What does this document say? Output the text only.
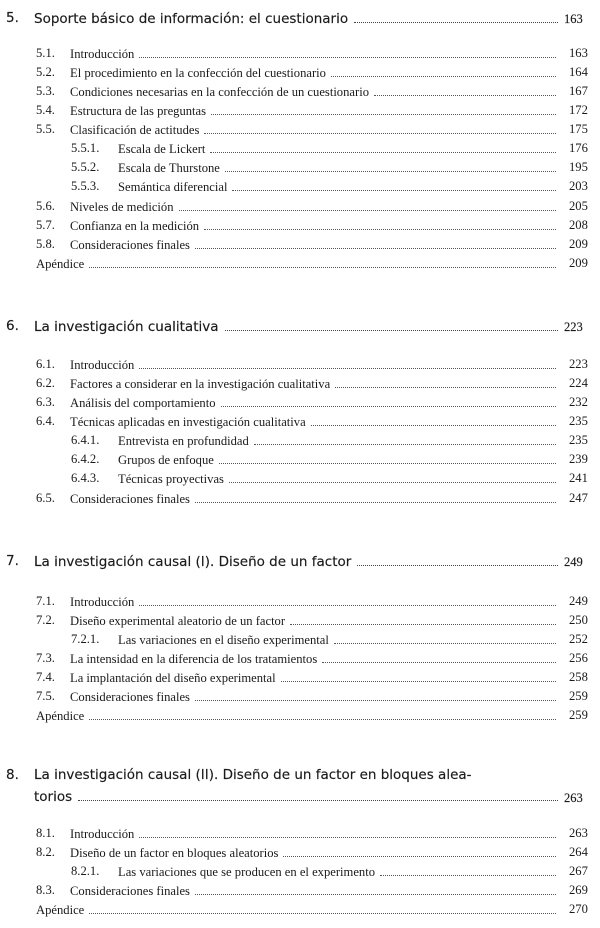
5. Soporte básico de información: el cuestionario	163
5.1. Introducción	163
5.2. El procedimiento en la confección del cuestionario	164
5.3. Condiciones necesarias en la confección de un cuestionario	167
5.4. Estructura de las preguntas	172
5.5. Clasificación de actitudes	175
5.5.1. Escala de Lickert	176
5.5.2. Escala de Thurstone	195
5.5.3. Semántica diferencial	203
5.6. Niveles de medición	205
5.7. Confianza en la medición	208
5.8. Consideraciones finales	209
Apéndice	209
6. La investigación cualitativa	223
6.1. Introducción	223
6.2. Factores a considerar en la investigación cualitativa	224
6.3. Análisis del comportamiento	232
6.4. Técnicas aplicadas en investigación cualitativa	235
6.4.1. Entrevista en profundidad	235
6.4.2. Grupos de enfoque	239
6.4.3. Técnicas proyectivas	241
6.5. Consideraciones finales	247
7. La investigación causal (I). Diseño de un factor	249
7.1. Introducción	249
7.2. Diseño experimental aleatorio de un factor	250
7.2.1. Las variaciones en el diseño experimental	252
7.3. La intensidad en la diferencia de los tratamientos	256
7.4. La implantación del diseño experimental	258
7.5. Consideraciones finales	259
Apéndice	259
8. La investigación causal (II). Diseño de un factor en bloques alea-
torios	263
8.1. Introducción	263
8.2. Diseño de un factor en bloques aleatorios	264
8.2.1. Las variaciones que se producen en el experimento	267
8.3. Consideraciones finales	269
Apéndice	270
